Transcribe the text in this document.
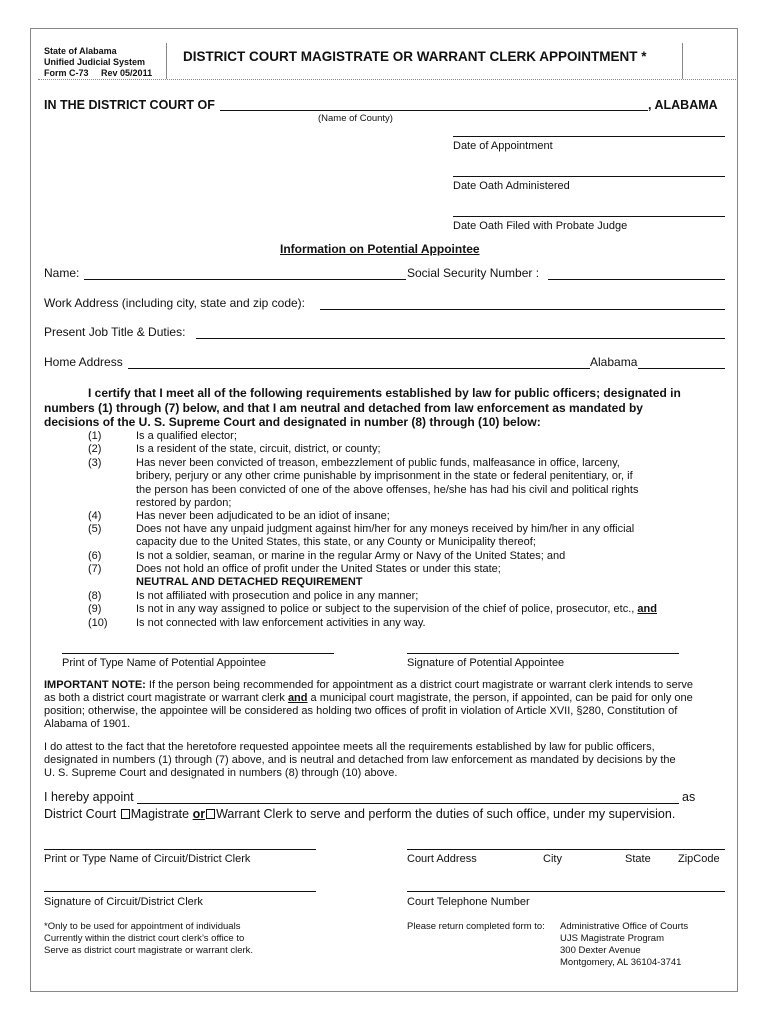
State of Alabama
Unified Judicial System
Form C-73 Rev 05/2011
DISTRICT COURT MAGISTRATE OR WARRANT CLERK APPOINTMENT *
IN THE DISTRICT COURT OF	, ALABAMA
(Name of County)
Date of Appointment
Date Oath Administered
Date Oath Filed with Probate Judge
Information on Potential Appointee
Name:	Social Security Number :
Work Address (including city, state and zip code):
Present Job Title & Duties:
Home Address	Alabama
I certify that I meet all of the following requirements established by law for public officers; designated in
numbers (1) through (7) below, and that I am neutral and detached from law enforcement as mandated by
decisions of the U. S. Supreme Court and designated in number (8) through (10) below:
(1)	Is a qualified elector;
(2)	Is a resident of the state, circuit, district, or county;
(3)	Has never been convicted of treason, embezzlement of public funds, malfeasance in office, larceny,
bribery, perjury or any other crime punishable by imprisonment in the state or federal penitentiary, or, if
the person has been convicted of one of the above offenses, he/she has had his civil and political rights
restored by pardon;
(4)	Has never been adjudicated to be an idiot of insane;
(5)	Does not have any unpaid judgment against him/her for any moneys received by him/her in any official
capacity due to the United States, this state, or any County or Municipality thereof;
(6)	Is not a soldier, seaman, or marine in the regular Army or Navy of the United States; and
(7)	Does not hold an office of profit under the United States or under this state;
NEUTRAL AND DETACHED REQUIREMENT
(8)	Is not affiliated with prosecution and police in any manner;
(9)	Is not in any way assigned to police or subject to the supervision of the chief of police, prosecutor, etc., and
(10)	Is not connected with law enforcement activities in any way.
Print of Type Name of Potential Appointee	Signature of Potential Appointee
IMPORTANT NOTE: If the person being recommended for appointment as a district court magistrate or warrant clerk intends to serve
as both a district court magistrate or warrant clerk and a municipal court magistrate, the person, if appointed, can be paid for only one
position; otherwise, the appointee will be considered as holding two offices of profit in violation of Article XVII, §280, Constitution of
Alabama of 1901.
I do attest to the fact that the heretofore requested appointee meets all the requirements established by law for public officers,
designated in numbers (1) through (7) above, and is neutral and detached from law enforcement as mandated by decisions by the
U. S. Supreme Court and designated in numbers (8) through (10) above.
I hereby appoint	as
District Court Magistrate or Warrant Clerk to serve and perform the duties of such office, under my supervision.
Print or Type Name of Circuit/District Clerk	Court Address	City	State ZipCode
Signature of Circuit/District Clerk	Court Telephone Number
*Only to be used for appointment of individuals
Currently within the district court clerk’s office to
Serve as district court magistrate or warrant clerk.
Please return completed form to: Administrative Office of Courts
UJS Magistrate Program
300 Dexter Avenue
Montgomery, AL 36104-3741
